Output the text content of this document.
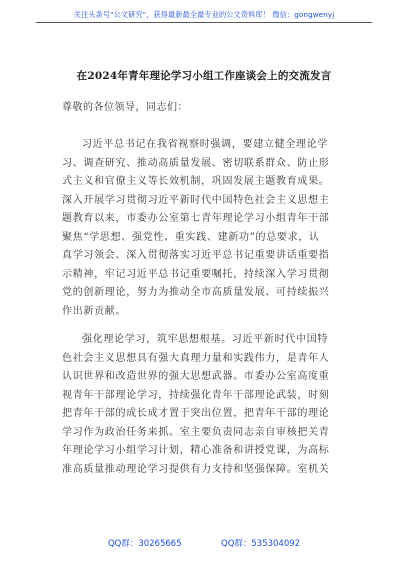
关注头条号"公文研究"，获得最新最全最专业的公文资料库！ 微信：gongwenyj
在2024年青年理论学习小组工作座谈会上的交流发言
尊敬的各位领导，同志们：
习近平总书记在我省视察时强调，要建立健全理论学
习、调查研究、推动高质量发展、密切联系群众、防止形
式主义和官僚主义等长效机制，巩固发展主题教育成果。
深入开展学习贯彻习近平新时代中国特色社会主义思想主
题教育以来，市委办公室第七青年理论学习小组青年干部
聚焦“学思想、强党性、重实践、建新功”的总要求，认
真学习领会、深入贯彻落实习近平总书记重要讲话重要指
示精神，牢记习近平总书记重要嘱托，持续深入学习贯彻
党的创新理论，努力为推动全市高质量发展、可持续振兴
作出新贡献。
强化理论学习，筑牢思想根基。习近平新时代中国特
色社会主义思想具有强大真理力量和实践伟力，是青年人
认识世界和改造世界的强大思想武器。市委办公室高度重
视青年干部理论学习，持续强化青年干部理论武装，时刻
把青年干部的成长成才置于突出位置，把青年干部的理论
学习作为政治任务来抓。室主要负责同志亲自审核把关青
年理论学习小组学习计划，精心准备和讲授党课，为高标
准高质量推动理论学习提供有力支持和坚强保障。室机关
QQ群：30265665	QQ群：535304092
